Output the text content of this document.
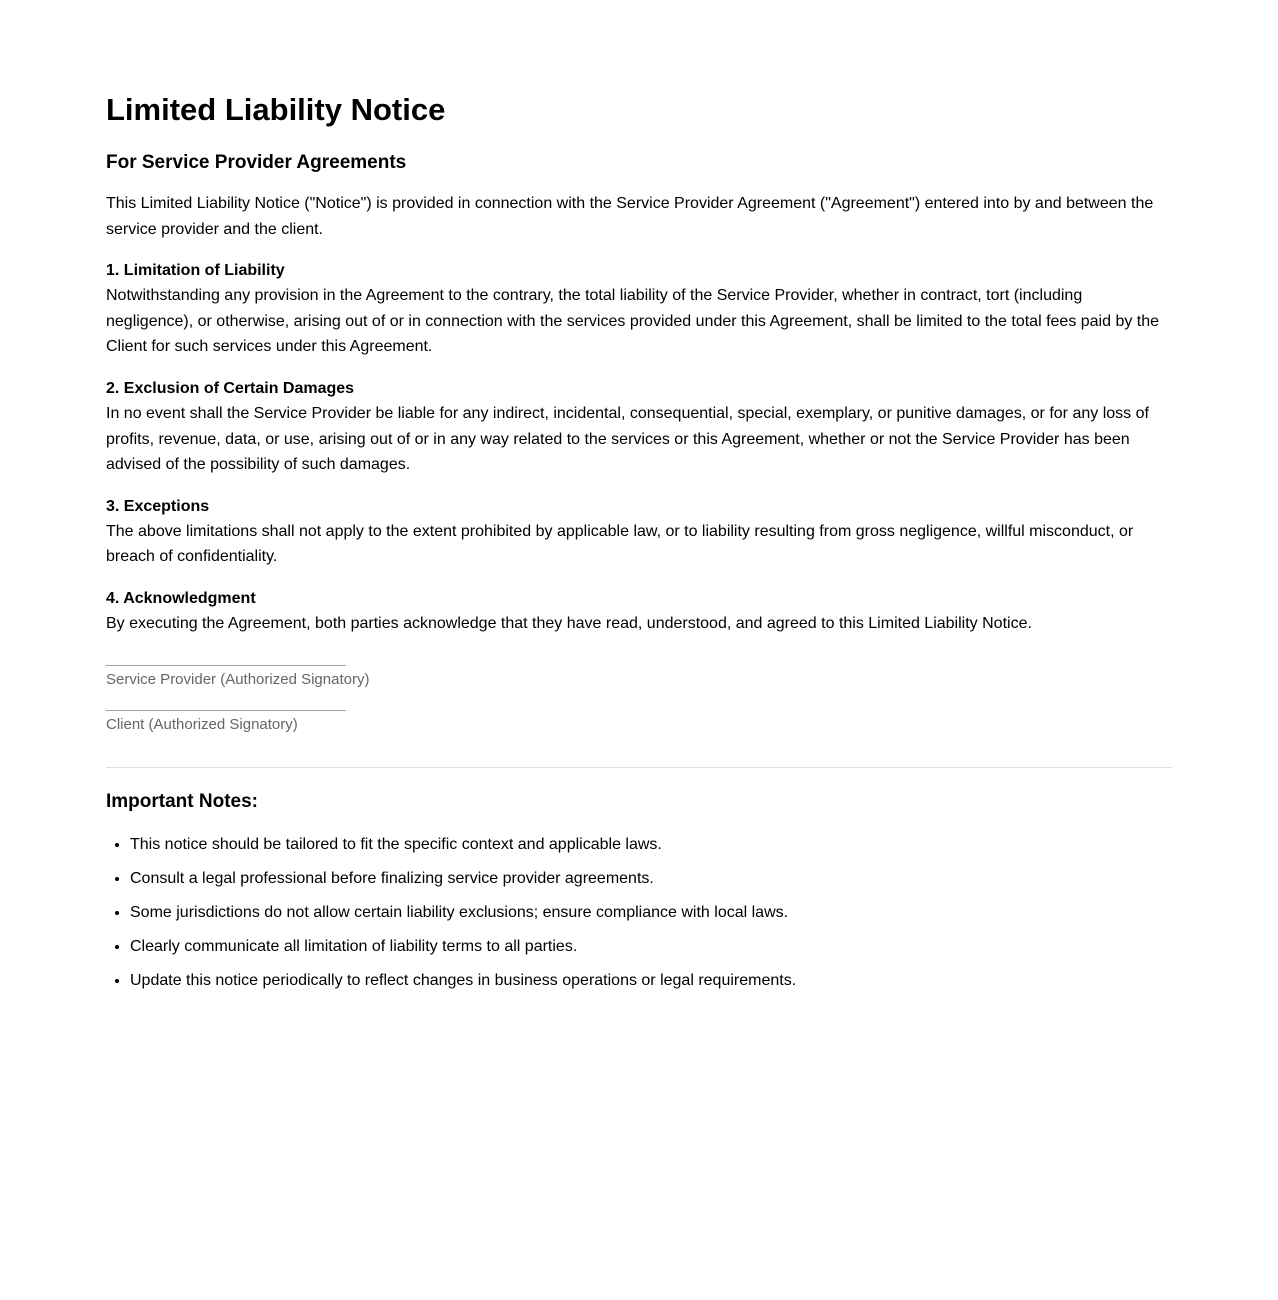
Limited Liability Notice
For Service Provider Agreements

This Limited Liability Notice ("Notice") is provided in connection with the Service Provider Agreement ("Agreement") entered into by and between the service provider and the client.

1. Limitation of Liability

Notwithstanding any provision in the Agreement to the contrary, the total liability of the Service Provider, whether in contract, tort (including negligence), or otherwise, arising out of or in connection with the services provided under this Agreement, shall be limited to the total fees paid by the Client for such services under this Agreement.

2. Exclusion of Certain Damages

In no event shall the Service Provider be liable for any indirect, incidental, consequential, special, exemplary, or punitive damages, or for any loss of profits, revenue, data, or use, arising out of or in any way related to the services or this Agreement, whether or not the Service Provider has been advised of the possibility of such damages.

3. Exceptions

The above limitations shall not apply to the extent prohibited by applicable law, or to liability resulting from gross negligence, willful misconduct, or breach of confidentiality.

4. Acknowledgment

By executing the Agreement, both parties acknowledge that they have read, understood, and agreed to this Limited Liability Notice.

Service Provider (Authorized Signatory)
Client (Authorized Signatory)
Important Notes:
• This notice should be tailored to fit the specific context and applicable laws.
• Consult a legal professional before finalizing service provider agreements.
• Some jurisdictions do not allow certain liability exclusions; ensure compliance with local laws.
• Clearly communicate all limitation of liability terms to all parties.
• Update this notice periodically to reflect changes in business operations or legal requirements.
